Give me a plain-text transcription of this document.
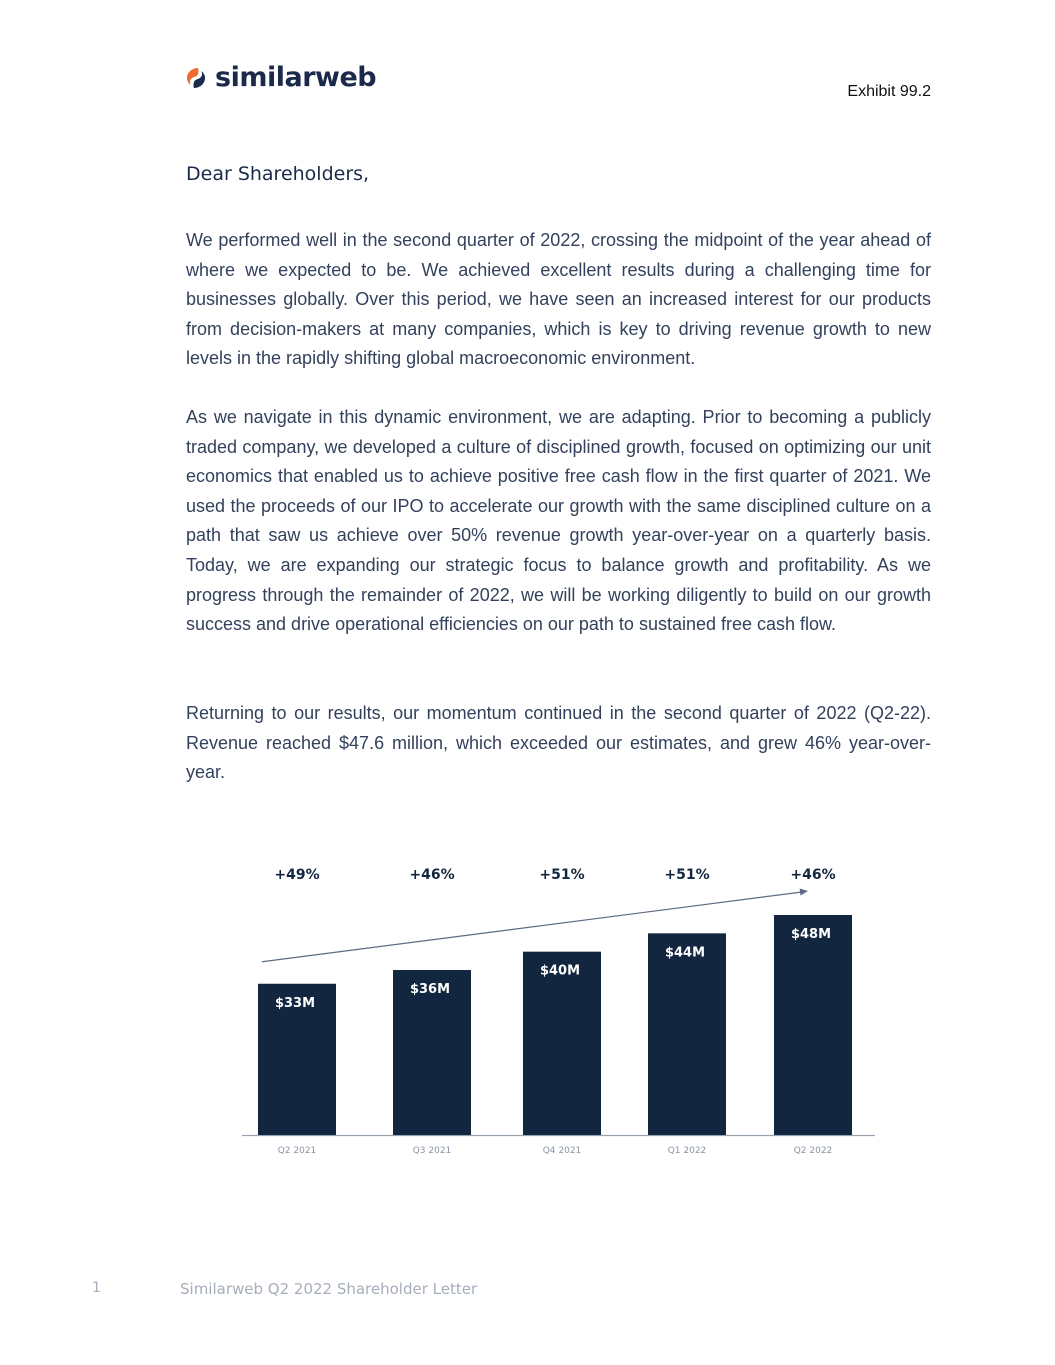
similarweb	Exhibit 99.2
Dear Shareholders,

We performed well in the second quarter of 2022, crossing the midpoint of the year ahead of where we expected to be. We achieved excellent results during a challenging time for businesses globally. Over this period, we have seen an increased interest for our products from decision-makers at many companies, which is key to driving revenue growth to new levels in the rapidly shifting global macroeconomic environment.

As we navigate in this dynamic environment, we are adapting. Prior to becoming a publicly traded company, we developed a culture of disciplined growth, focused on optimizing our unit economics that enabled us to achieve positive free cash flow in the first quarter of 2021. We used the proceeds of our IPO to accelerate our growth with the same disciplined culture on a path that saw us achieve over 50% revenue growth year-over-year on a quarterly basis. Today, we are expanding our strategic focus to balance growth and profitability. As we progress through the remainder of 2022, we will be working diligently to build on our growth success and drive operational efficiencies on our path to sustained free cash flow.

Returning to our results, our momentum continued in the second quarter of 2022 (Q2-22). Revenue reached $47.6 million, which exceeded our estimates, and grew 46% year-over-year.

$33M
Q2 2021
+49%
$36M
Q3 2021
+46%
$40M
Q4 2021
+51%
$44M
Q1 2022
+51%
$48M
Q2 2022
+46%
1	Similarweb Q2 2022 Shareholder Letter
